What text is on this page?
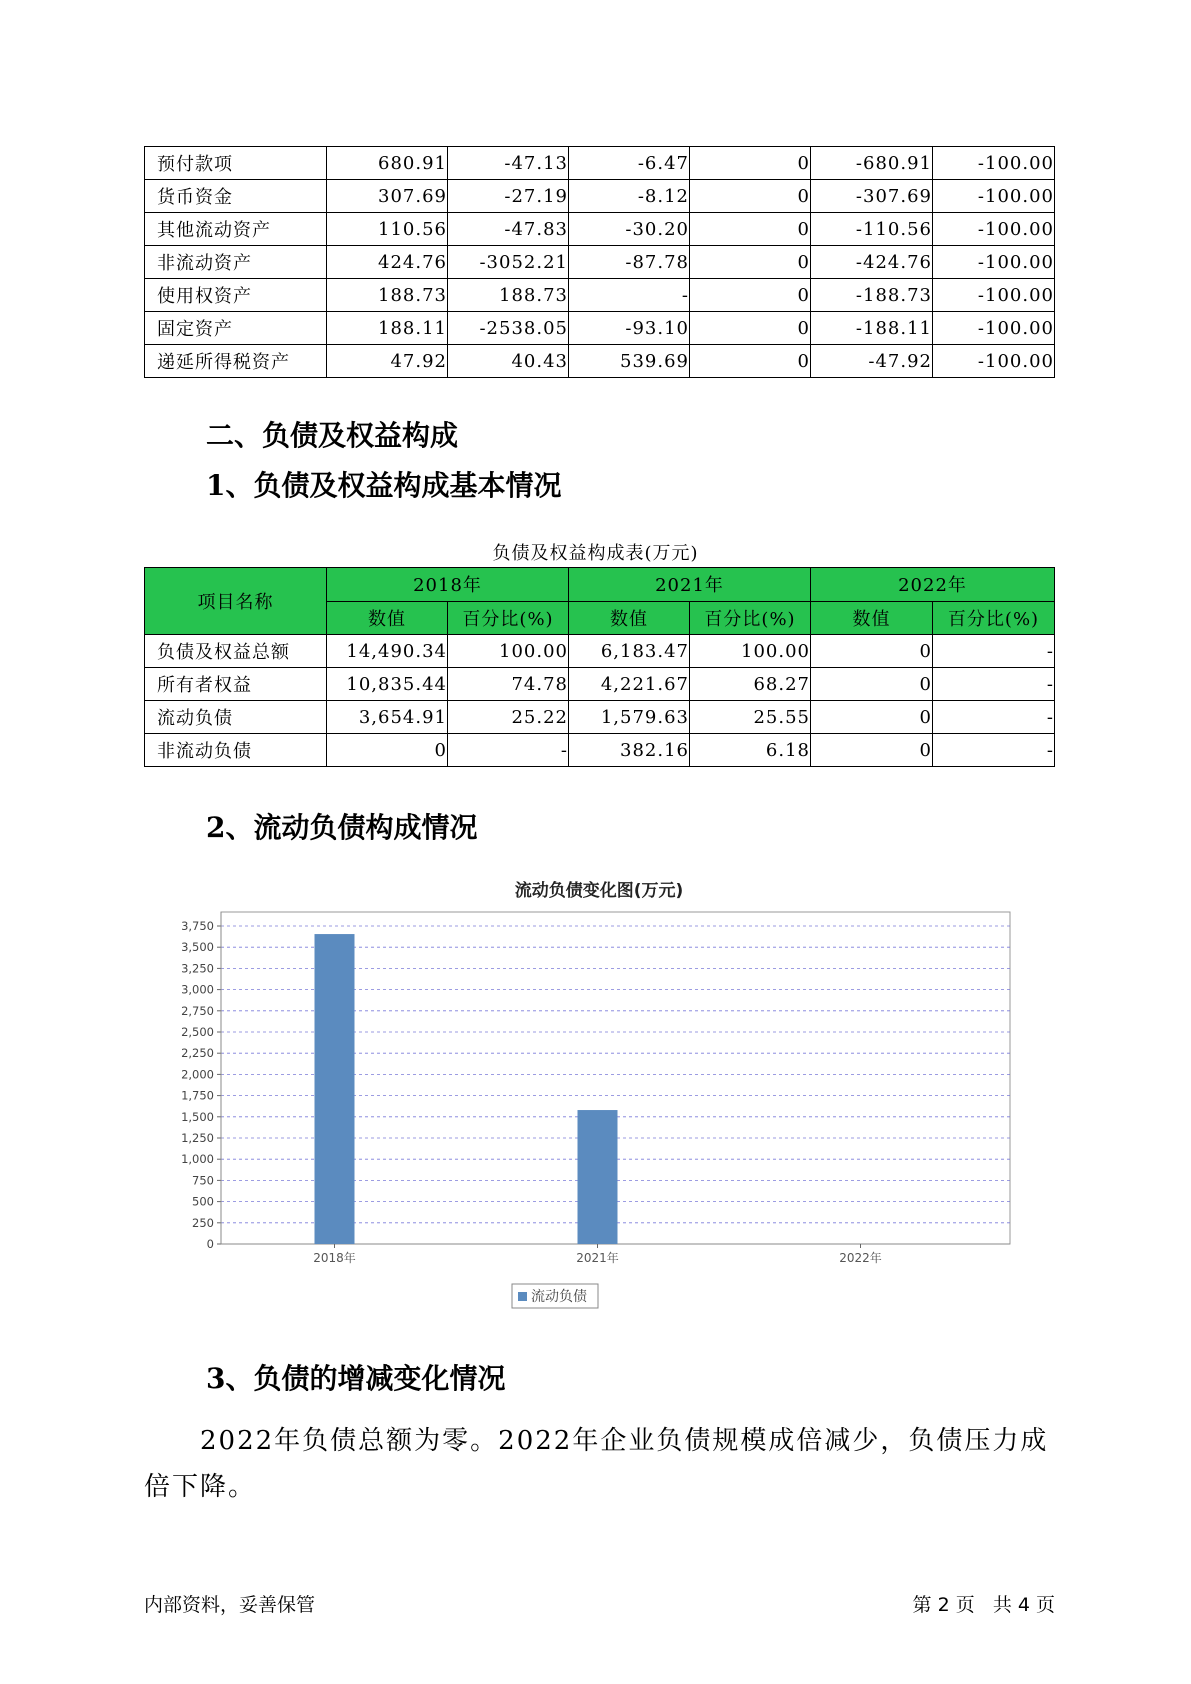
预付款项	680.91	-47.13	-6.47	0	-680.91	-100.00
货币资金	307.69	-27.19	-8.12	0	-307.69	-100.00
其他流动资产	110.56	-47.83	-30.20	0	-110.56	-100.00
非流动资产	424.76	-3052.21	-87.78	0	-424.76	-100.00
使用权资产	188.73	188.73	-	0	-188.73	-100.00
固定资产	188.11	-2538.05	-93.10	0	-188.11	-100.00
递延所得税资产	47.92	40.43	539.69	0	-47.92	-100.00
二、负债及权益构成
1、负债及权益构成基本情况
负债及权益构成表(万元)
项目名称	2018年		2021年		2022年	
	数值	百分比(%)	数值	百分比(%)	数值	百分比(%)
负债及权益总额	14,490.34	100.00	6,183.47	100.00	0	-
所有者权益	10,835.44	74.78	4,221.67	68.27	0	-
流动负债	3,654.91	25.22	1,579.63	25.55	0	-
非流动负债	0	-	382.16	6.18	0	-
2、流动负债构成情况
流动负债变化图(万元)
0
250
500
750
1,000
1,250
1,500
1,750
2,000
2,250
2,500
2,750
3,000
3,250
3,500
3,750
2018年	2021年	2022年
流动负债
3、负债的增减变化情况
2022年负债总额为零。2022年企业负债规模成倍减少，负债压力成倍下降。
内部资料，妥善保管	第 2 页   共 4 页
